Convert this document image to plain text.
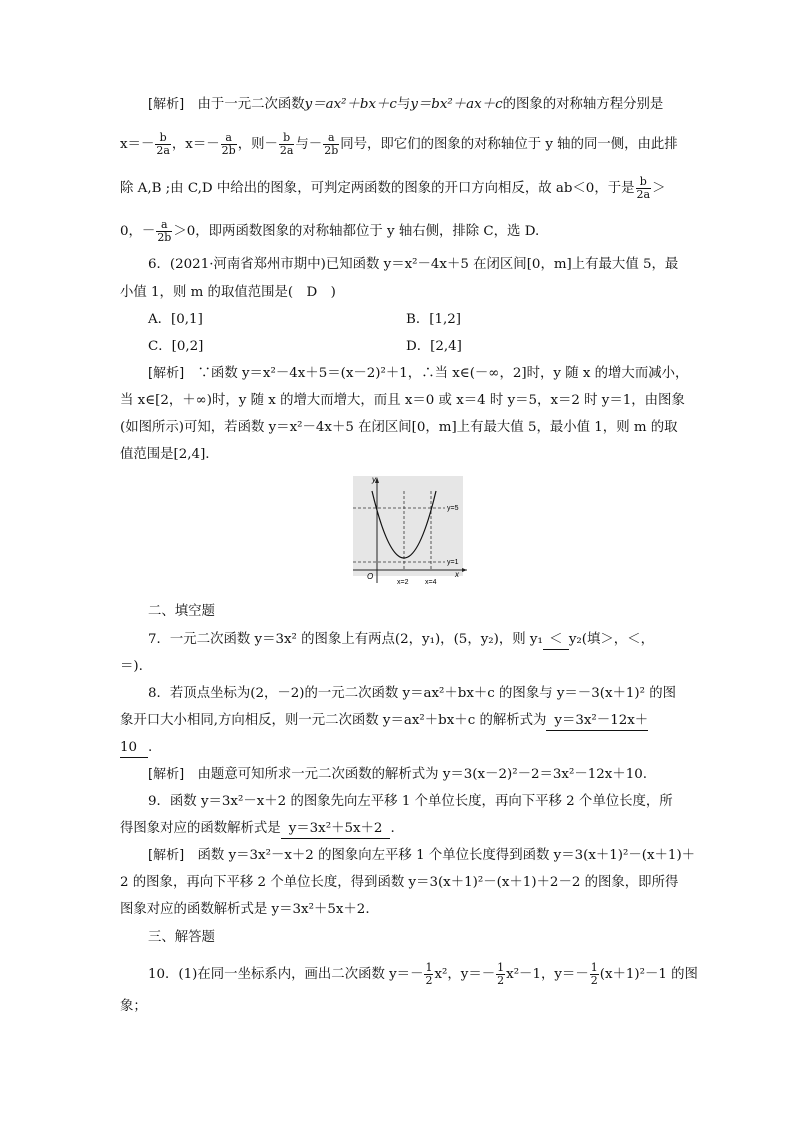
[解析]　由于一元二次函数y＝ax²＋bx＋c与y＝bx²＋ax＋c的图象的对称轴方程分别是
$x=- \frac{b}{2a}$ ，$x=- \frac{a}{2b}$ ，则－ $\frac{b}{2a}$ 与－ $\frac{a}{2b}$ 同号，即它们的图象的对称轴位于 y 轴的同一侧，由此排
除 A,B ;由 C,D 中给出的图象，可判定两函数的图象的开口方向相反，故 ab＜0，于是 $\frac{b}{2a}$ ＞
0，－ $\frac{a}{2b} >0$，即两函数图象的对称轴都位于 y 轴右侧，排除 C，选 D.
6．(2021·河南省郑州市期中)已知函数 y＝x²－4x＋5 在闭区间[0，m]上有最大值 5，最
小值 1，则 m 的取值范围是(　D　)
A．[0,1]	B．[1,2]
C．[0,2]	D．[2,4]
[解析]　∵函数 y＝x²－4x＋5＝(x－2)²＋1，∴当 x∈(－∞，2]时，y 随 x 的增大而减小，
当 x∈[2，＋∞)时，y 随 x 的增大而增大，而且 x＝0 或 x＝4 时 y＝5，x＝2 时 y＝1，由图象
(如图所示)可知，若函数 y＝x²－4x＋5 在闭区间[0，m]上有最大值 5，最小值 1，则 m 的取
值范围是[2,4].
y
x
O
y=5
y=1
x=2 x=4
二、填空题
7．一元二次函数 y＝3x² 的图象上有两点(2，y₁)，(5，y₂)，则 y₁ ＜ y₂(填＞，＜，
＝).
8．若顶点坐标为(2，－2)的一元二次函数 y＝ax²＋bx＋c 的图象与 y＝－3(x＋1)² 的图
象开口大小相同,方向相反，则一元二次函数 y＝ax²＋bx＋c 的解析式为 y＝3x²－12x＋
10 .
[解析]　由题意可知所求一元二次函数的解析式为 y＝3(x－2)²－2＝3x²－12x＋10.
9．函数 y＝3x²－x＋2 的图象先向左平移 1 个单位长度，再向下平移 2 个单位长度，所
得图象对应的函数解析式是 y＝3x²＋5x＋2 .
[解析]　函数 y＝3x²－x＋2 的图象向左平移 1 个单位长度得到函数 y＝3(x＋1)²－(x＋1)＋
2 的图象，再向下平移 2 个单位长度，得到函数 y＝3(x＋1)²－(x＋1)＋2－2 的图象，即所得
图象对应的函数解析式是 y＝3x²＋5x＋2.
三、解答题
10．(1)在同一坐标系内，画出二次函数 $y=- \frac{1}{2} x^2$，$y=- \frac{1}{2} x^2-1$，$y=- \frac{1}{2} (x+1)^2-1$ 的图
象；
